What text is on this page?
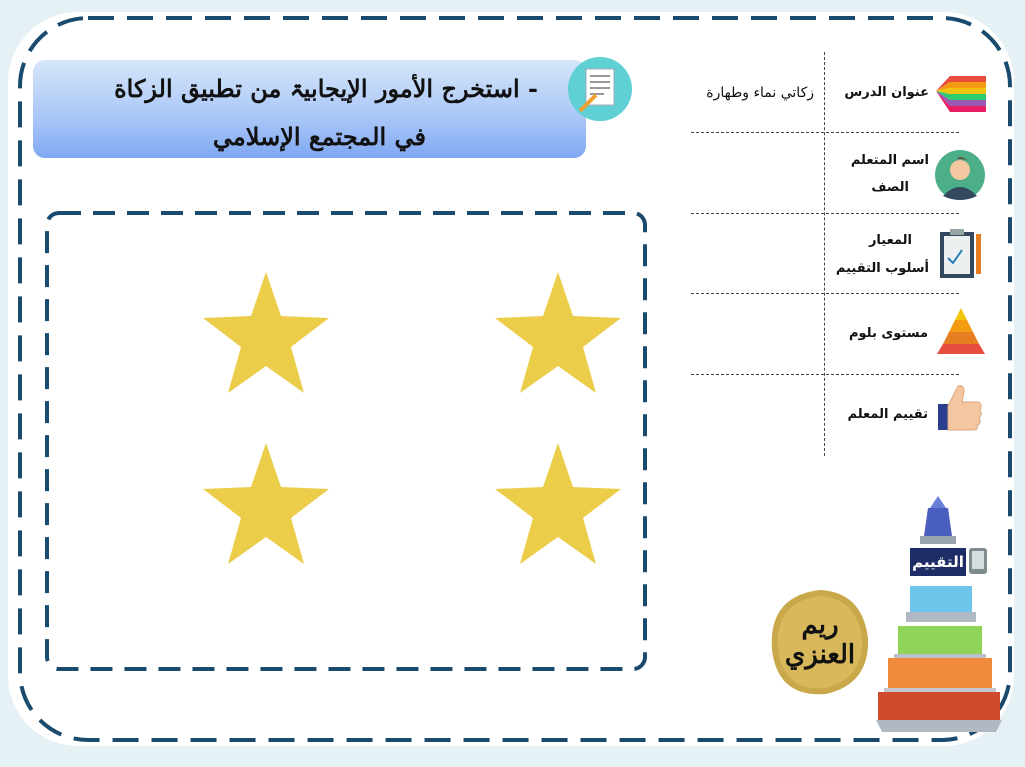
- استخرج الأمور الإيجابيۃ من تطبيق الزكاة
في المجتمع الإسلامي
عنوان الدرس
زكاتي نماء وطهارة
اسم المتعلم
الصف
المعيار
أسلوب التقييم
مستوى بلوم
تقييم المعلم
التقييم
ريم العنزي
